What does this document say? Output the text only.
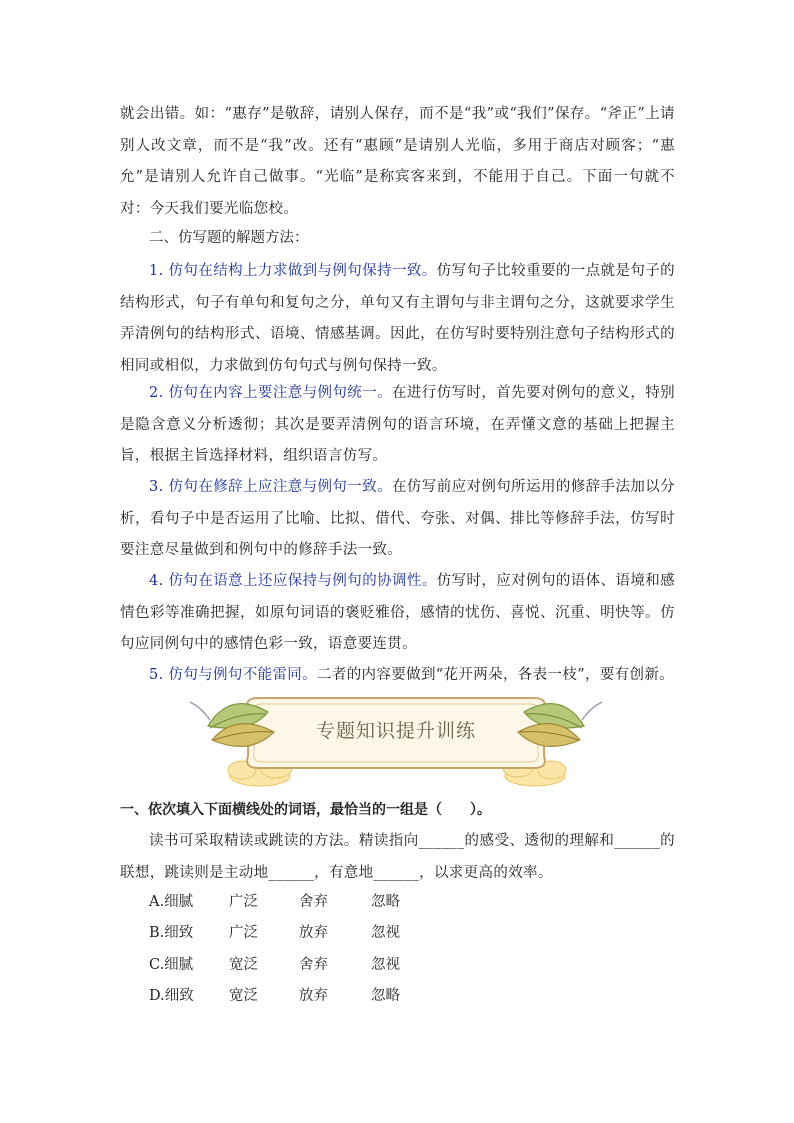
就会出错。如：“惠存”是敬辞，请别人保存，而不是“我”或“我们”保存。“斧正”上请别人改文章，而不是“我”改。还有“惠顾”是请别人光临，多用于商店对顾客；“惠允”是请别人允许自己做事。“光临”是称宾客来到，不能用于自己。下面一句就不对：今天我们要光临您校。

二、仿写题的解题方法：

1. 仿句在结构上力求做到与例句保持一致。仿写句子比较重要的一点就是句子的结构形式，句子有单句和复句之分，单句又有主谓句与非主谓句之分，这就要求学生弄清例句的结构形式、语境、情感基调。因此，在仿写时要特别注意句子结构形式的相同或相似，力求做到仿句句式与例句保持一致。

2. 仿句在内容上要注意与例句统一。在进行仿写时，首先要对例句的意义，特别是隐含意义分析透彻；其次是要弄清例句的语言环境，在弄懂文意的基础上把握主旨，根据主旨选择材料，组织语言仿写。

3. 仿句在修辞上应注意与例句一致。在仿写前应对例句所运用的修辞手法加以分析，看句子中是否运用了比喻、比拟、借代、夸张、对偶、排比等修辞手法，仿写时要注意尽量做到和例句中的修辞手法一致。

4. 仿句在语意上还应保持与例句的协调性。仿写时，应对例句的语体、语境和感情色彩等准确把握，如原句词语的褒贬雅俗，感情的忧伤、喜悦、沉重、明快等。仿句应同例句中的感情色彩一致，语意要连贯。

5. 仿句与例句不能雷同。二者的内容要做到“花开两朵，各表一枝”，要有创新。

专题知识提升训练

一、依次填入下面横线处的词语，最恰当的一组是（　　）。

读书可采取精读或跳读的方法。精读指向______的感受、透彻的理解和______的联想，跳读则是主动地______，有意地______，以求更高的效率。

A.细腻 广泛	舍弃	忽略

B.细致 广泛	放弃	忽视

C.细腻 宽泛	舍弃	忽视

D.细致 宽泛	放弃	忽略
